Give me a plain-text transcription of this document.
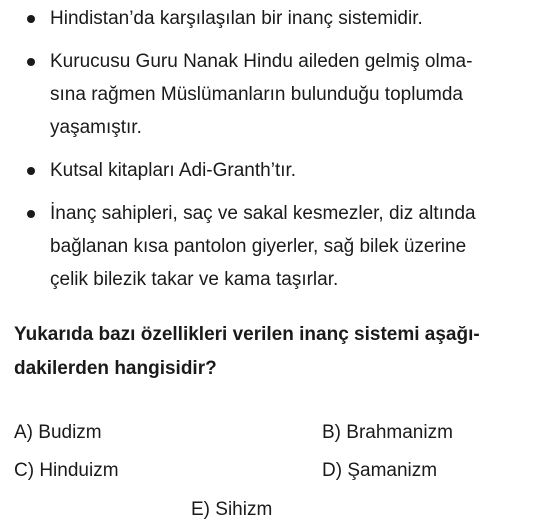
Hindistan’da karşılaşılan bir inanç sistemidir.
Kurucusu Guru Nanak Hindu aileden gelmiş olma-sına rağmen Müslümanların bulunduğu toplumda yaşamıştır.
Kutsal kitapları Adi-Granth’tır.
İnanç sahipleri, saç ve sakal kesmezler, diz altında bağlanan kısa pantolon giyerler, sağ bilek üzerine çelik bilezik takar ve kama taşırlar.

Yukarıda bazı özellikleri verilen inanç sistemi aşağı-dakilerden hangisidir?

A) Budizm	B) Brahmanizm
C) Hinduizm	D) Şamanizm
E) Sihizm
